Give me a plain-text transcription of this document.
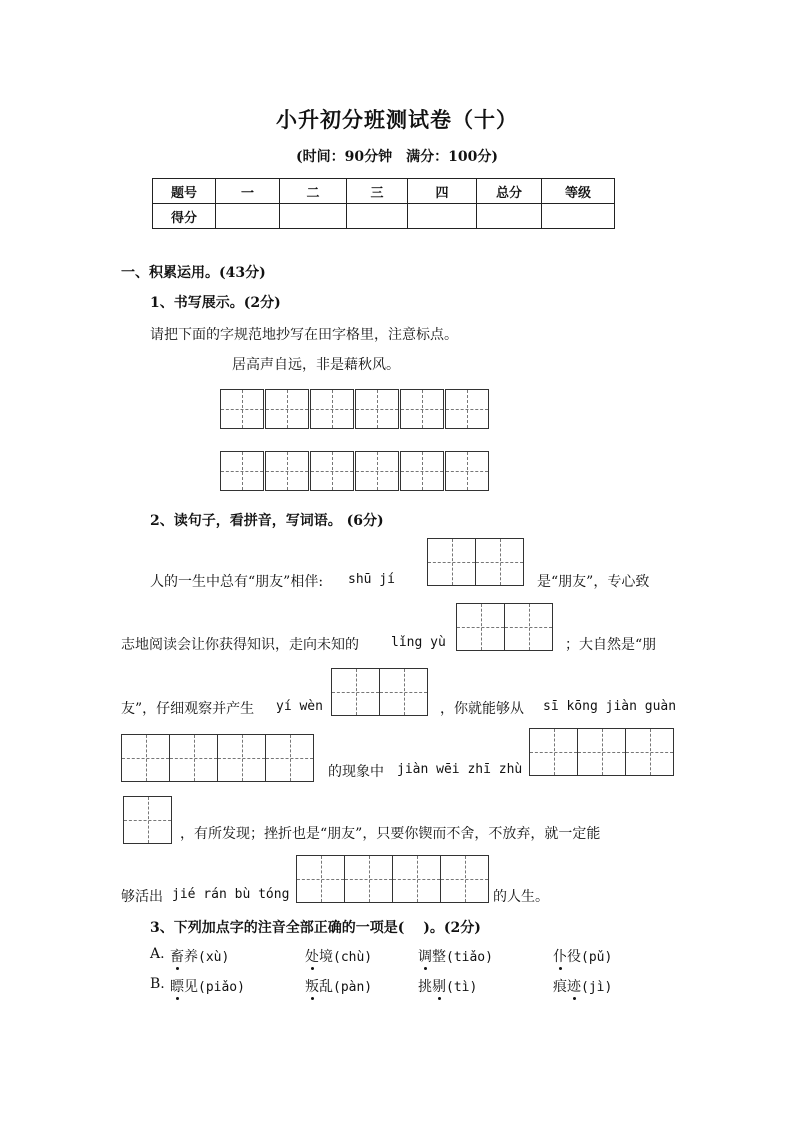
小升初分班测试卷（十）
(时间：90分钟　满分：100分)
题号	一	二	三	四	总分	等级
得分						
一、积累运用。(43分)
1、书写展示。(2分)
请把下面的字规范地抄写在田字格里，注意标点。
居高声自远，非是藉秋风。
2、读句子，看拼音，写词语。 (6分)
人的一生中总有“朋友”相伴: shū jí	是“朋友”，专心致
志地阅读会让你获得知识，走向未知的 lǐng yù	；大自然是“朋
友”，仔细观察并产生 yí wèn	，你就能够从 sī kōng jiàn guàn
的现象中 jiàn wēi zhī zhù
，有所发现；挫折也是“朋友”，只要你锲而不舍，不放弃，就一定能
够活出 jié rán bù tóng	的人生。
3、下列加点字的注音全部正确的一项是(　 )。(2分)
A. 畜养(xù)	处境(chù)	调整(tiǎo)	仆役(pǔ)
B. 瞟见(piǎo)	叛乱(pàn)	挑剔(tì)	痕迹(jì)
